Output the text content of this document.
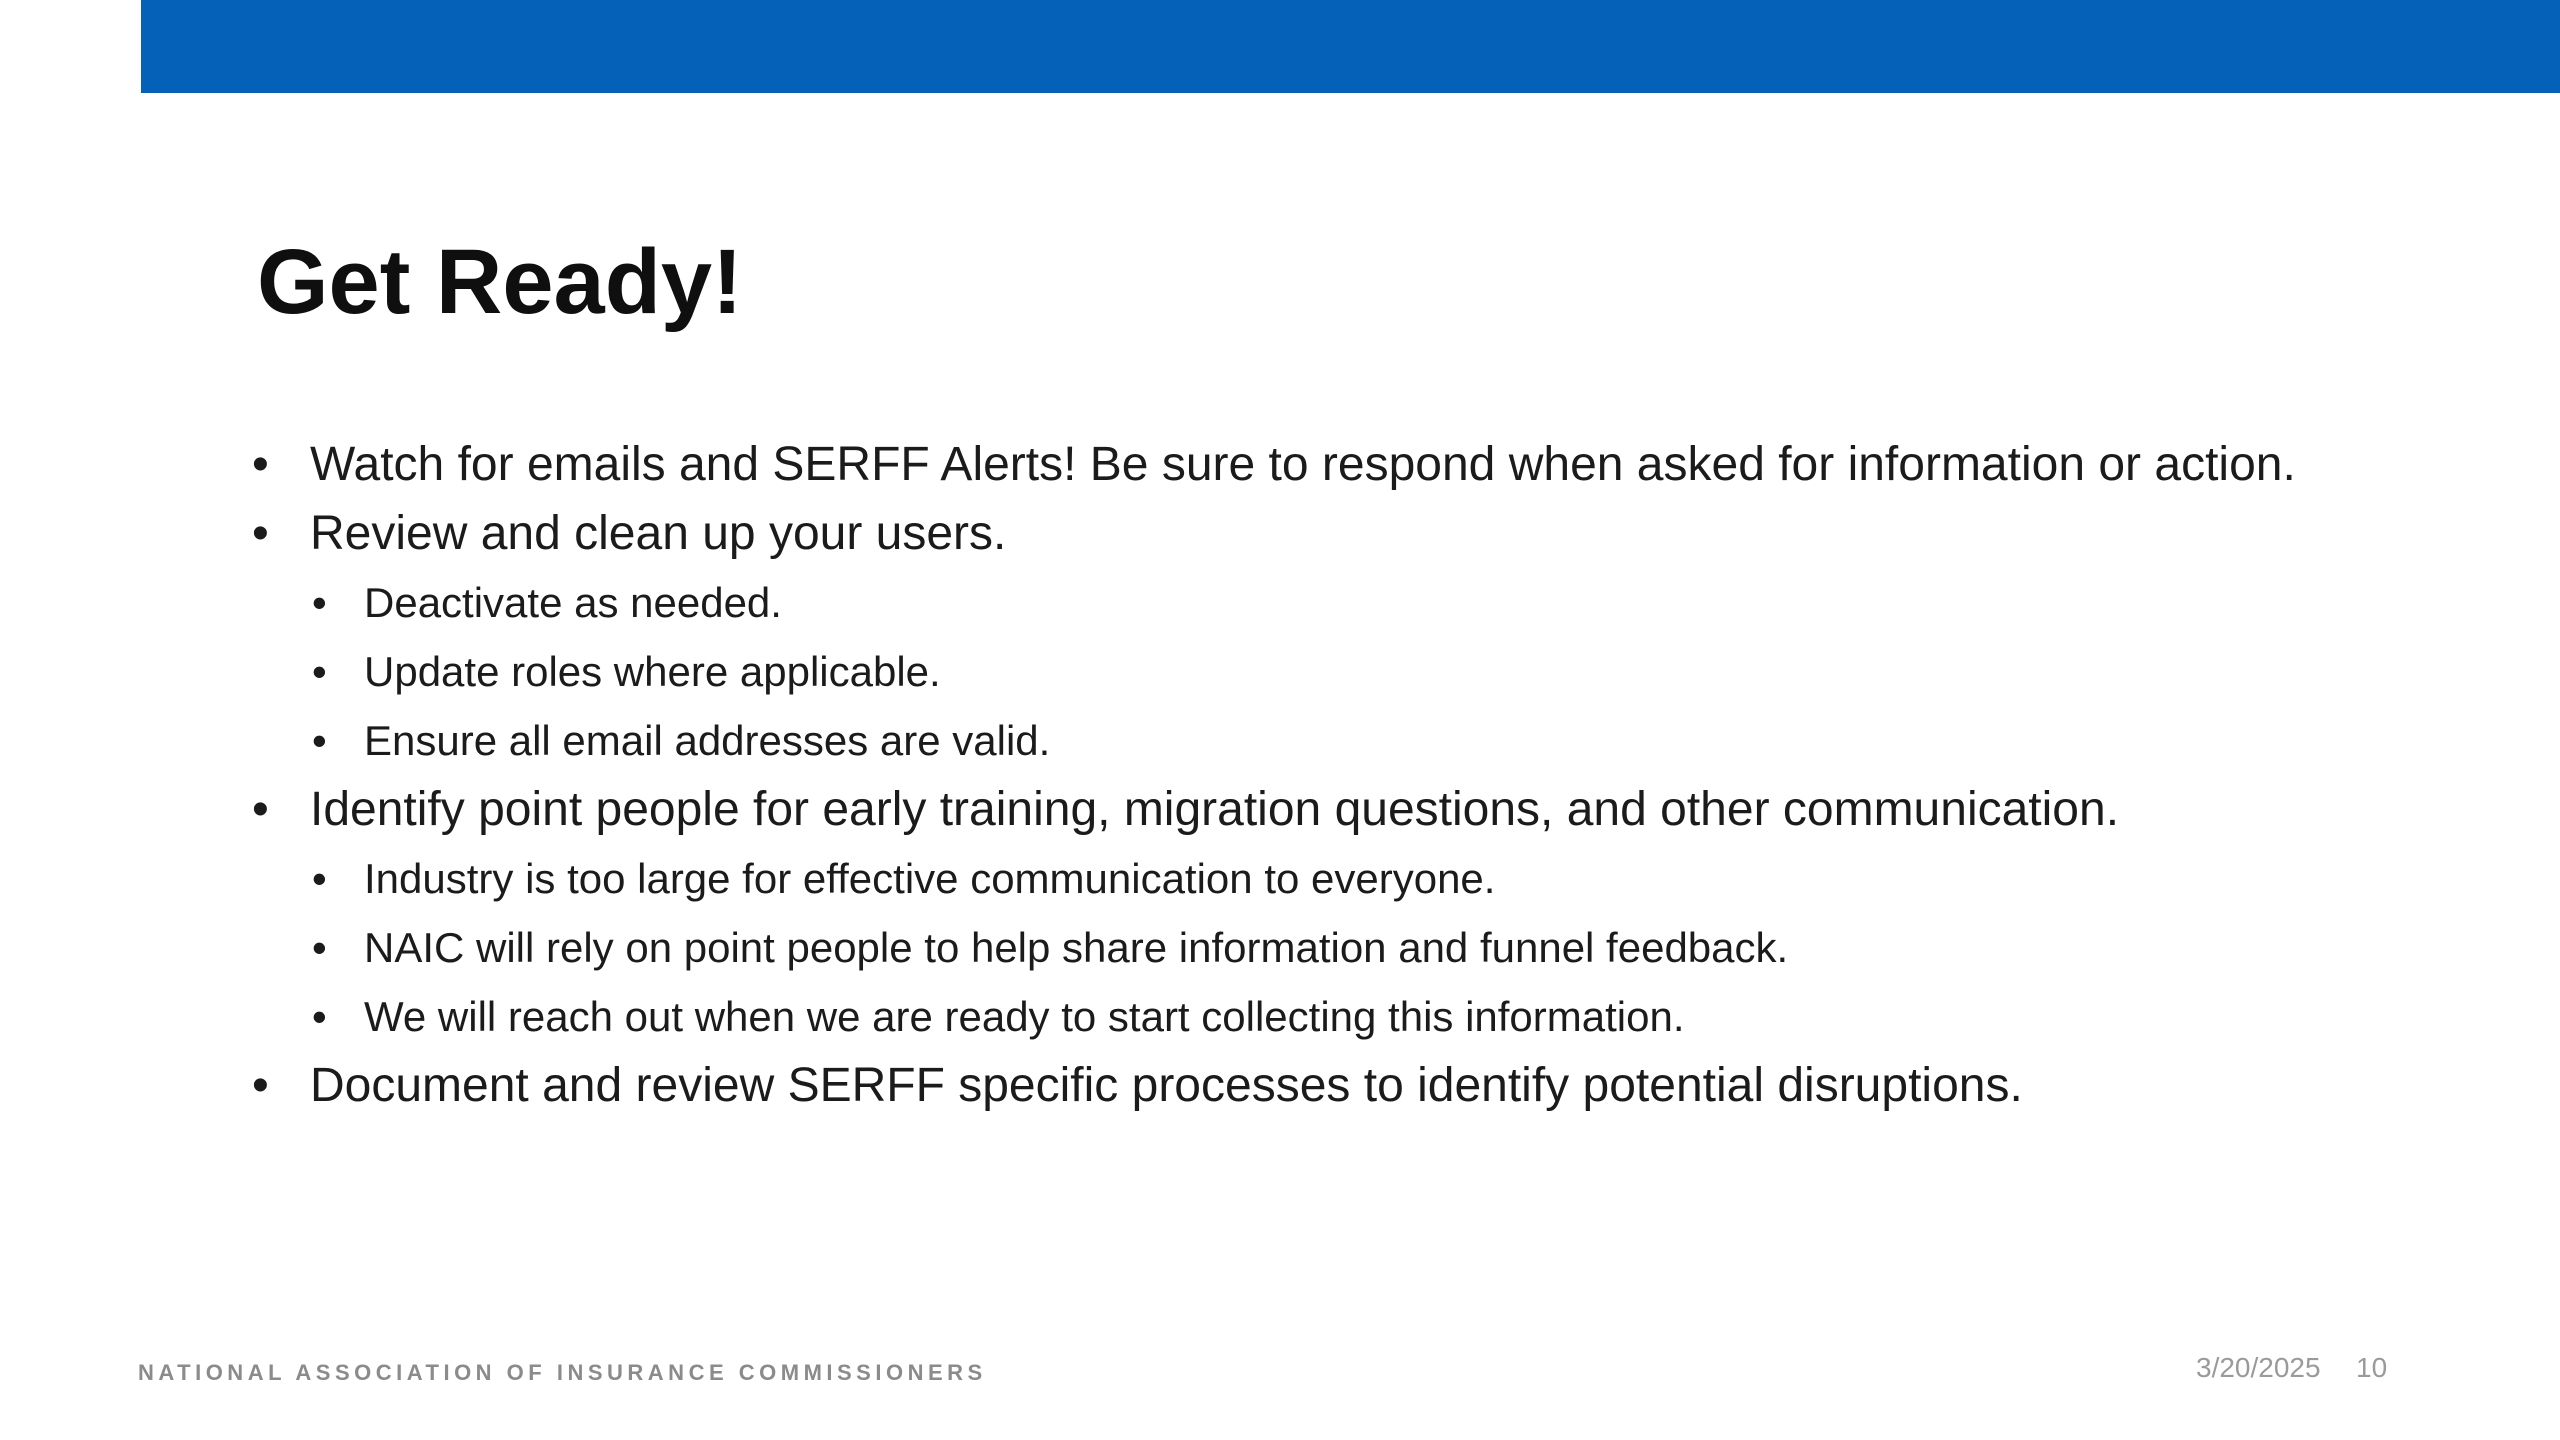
Get Ready!
• Watch for emails and SERFF Alerts! Be sure to respond when asked for information or action.
• Review and clean up your users.
• Deactivate as needed.
• Update roles where applicable.
• Ensure all email addresses are valid.
• Identify point people for early training, migration questions, and other communication.
• Industry is too large for effective communication to everyone.
• NAIC will rely on point people to help share information and funnel feedback.
• We will reach out when we are ready to start collecting this information.
• Document and review SERFF specific processes to identify potential disruptions.
NATIONAL ASSOCIATION OF INSURANCE COMMISSIONERS	3/20/2025 10
